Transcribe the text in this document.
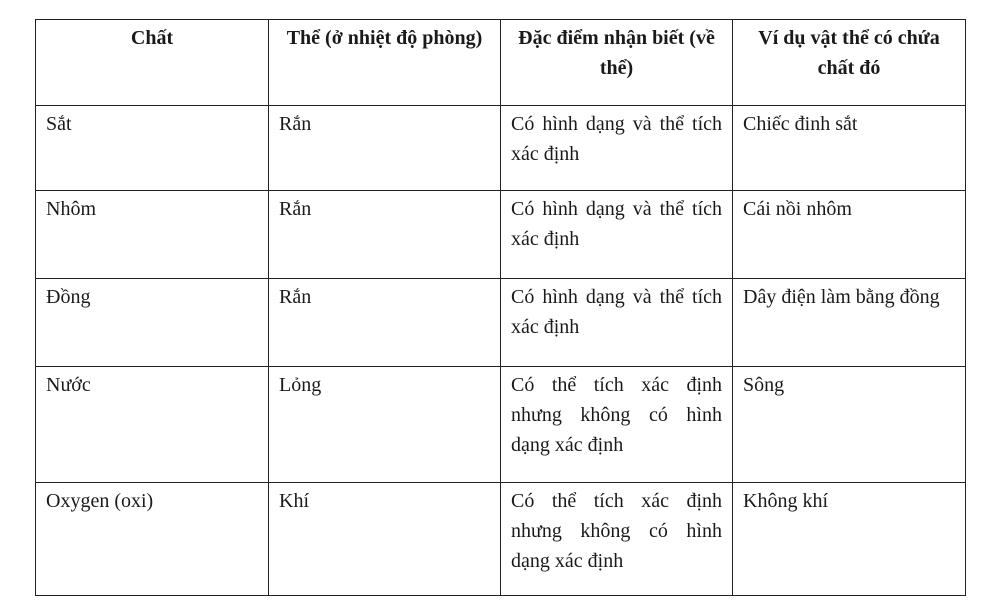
Chất	Thể (ở nhiệt độ phòng)	Đặc điểm nhận biết (về thể)	Ví dụ vật thể có chứa chất đó
Sắt	Rắn	Có hình dạng và thể tích xác định	Chiếc đinh sắt
Nhôm	Rắn	Có hình dạng và thể tích xác định	Cái nồi nhôm
Đồng	Rắn	Có hình dạng và thể tích xác định	Dây điện làm bằng đồng
Nước	Lỏng	Có thể tích xác định nhưng không có hình dạng xác định	Sông
Oxygen (oxi)	Khí	Có thể tích xác định nhưng không có hình dạng xác định	Không khí
